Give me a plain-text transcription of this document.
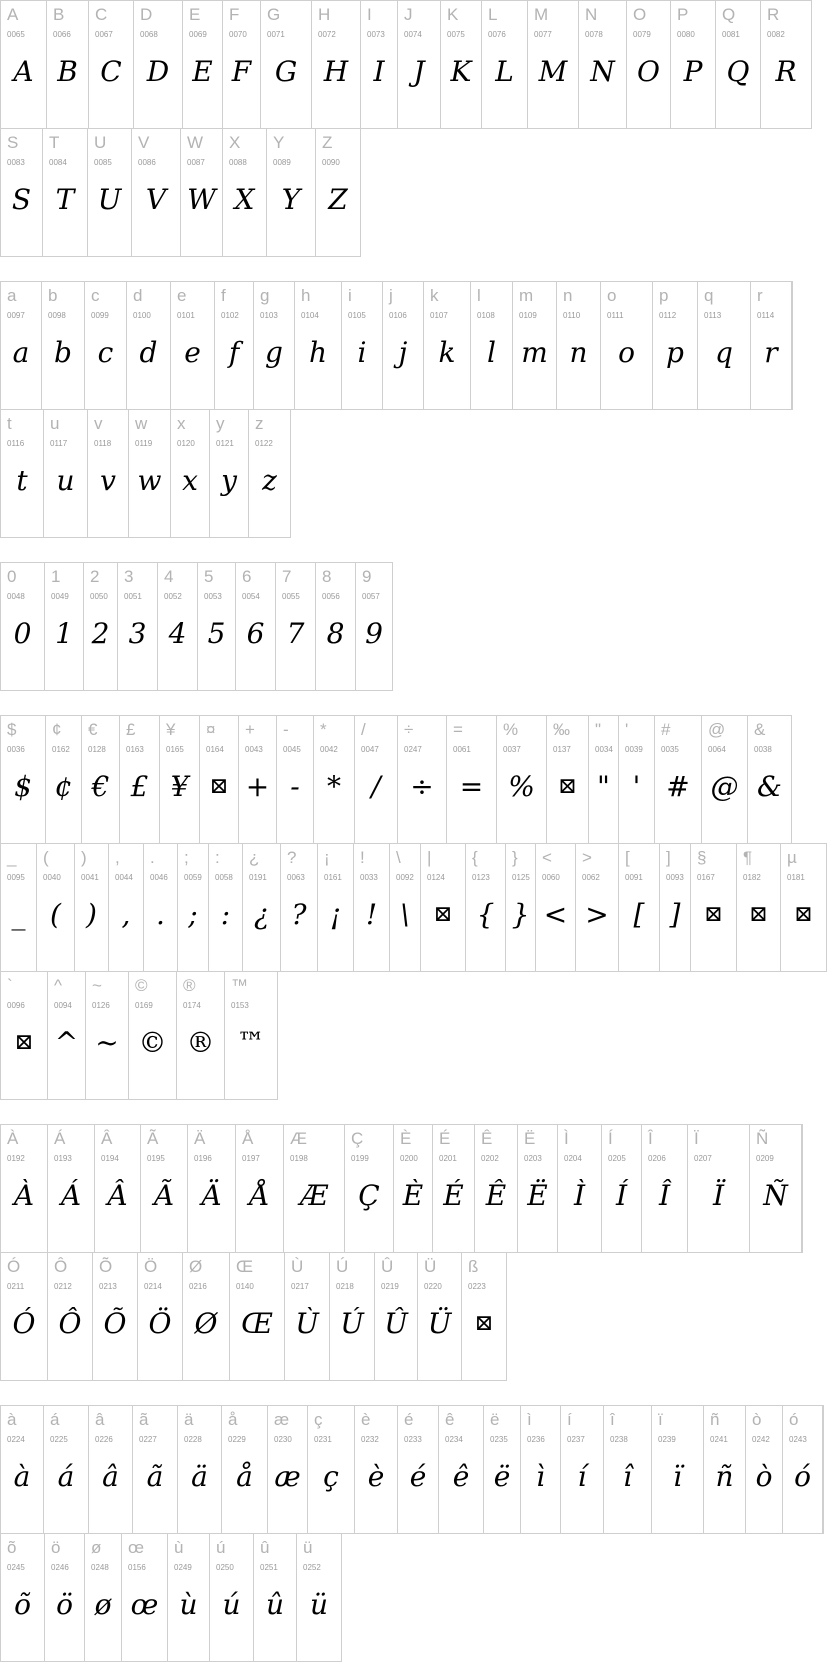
A
0065
A
B
0066
B
C
0067
C
D
0068
D
E
0069
E
F
0070
F
G
0071
G
H
0072
H
I
0073
I
J
0074
J
K
0075
K
L
0076
L
M
0077
M
N
0078
N
O
0079
O
P
0080
P
Q
0081
Q
R
0082
R
S
0083
S
T
0084
T
U
0085
U
V
0086
V
W
0087
W
X
0088
X
Y
0089
Y
Z
0090
Z
a
0097
a
b
0098
b
c
0099
c
d
0100
d
e
0101
e
f
0102
f
g
0103
g
h
0104
h
i
0105
i
j
0106
j
k
0107
k
l
0108
l
m
0109
m
n
0110
n
o
0111
o
p
0112
p
q
0113
q
r
0114
r
t
0116
t
u
0117
u
v
0118
v
w
0119
w
x
0120
x
y
0121
y
z
0122
z
0
0048
0
1
0049
1
2
0050
2
3
0051
3
4
0052
4
5
0053
5
6
0054
6
7
0055
7
8
0056
8
9
0057
9
$
0036
$
¢
0162
¢
€
0128
€
£
0163
£
¥
0165
¥
¤
0164
⊠
+
0043
+
-
0045
-
*
0042
*
/
0047
/
÷
0247
÷
=
0061
=
%
0037
%
‰
0137
⊠
"
0034
"
'
0039
'
#
0035
#
@
0064
@
&
0038
&
_
0095
_
(
0040
(
)
0041
)
,
0044
,
.
0046
.
;
0059
;
:
0058
:
¿
0191
¿
?
0063
?
¡
0161
¡
!
0033
!
\
0092
\
|
0124
⊠
{
0123
{
}
0125
}
<
0060
<
>
0062
>
[
0091
[
]
0093
]
§
0167
⊠
¶
0182
⊠
µ
0181
⊠
`
0096
⊠
^
0094
^
~
0126
~
©
0169
©
®
0174
®
™
0153
™
À
0192
À
Á
0193
Á
Â
0194
Â
Ã
0195
Ã
Ä
0196
Ä
Å
0197
Å
Æ
0198
Æ
Ç
0199
Ç
È
0200
È
É
0201
É
Ê
0202
Ê
Ë
0203
Ë
Ì
0204
Ì
Í
0205
Í
Î
0206
Î
Ï
0207
Ï
Ñ
0209
Ñ
Ó
0211
Ó
Ô
0212
Ô
Õ
0213
Õ
Ö
0214
Ö
Ø
0216
Ø
Œ
0140
Œ
Ù
0217
Ù
Ú
0218
Ú
Û
0219
Û
Ü
0220
Ü
ß
0223
⊠
à
0224
à
á
0225
á
â
0226
â
ã
0227
ã
ä
0228
ä
å
0229
å
æ
0230
æ
ç
0231
ç
è
0232
è
é
0233
é
ê
0234
ê
ë
0235
ë
ì
0236
ì
í
0237
í
î
0238
î
ï
0239
ï
ñ
0241
ñ
ò
0242
ò
ó
0243
ó
õ
0245
õ
ö
0246
ö
ø
0248
ø
œ
0156
œ
ù
0249
ù
ú
0250
ú
û
0251
û
ü
0252
ü
